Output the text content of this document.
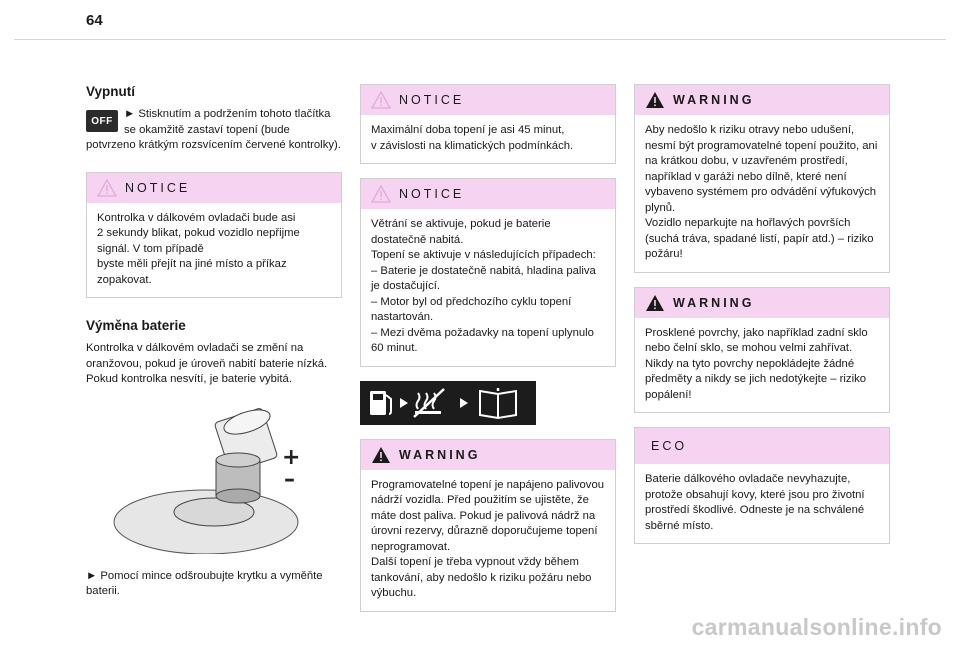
64
Vypnutí
OFF

► Stisknutím a podržením tohoto tlačítka se okamžitě zastaví topení (bude potvrzeno krátkým rozsvícením červené kontrolky).

NOTICE
Kontrolka v dálkovém ovladači bude asi
2 sekundy blikat, pokud vozidlo nepřijme
signál. V tom případě
byste měli přejít na jiné místo a příkaz
zopakovat.
Výměna baterie

Kontrolka v dálkovém ovladači se změní na oranžovou, pokud je úroveň nabití baterie nízká. Pokud kontrolka nesvítí, je baterie vybitá.

+
–

► Pomocí mince odšroubujte krytku a vyměňte baterii.

NOTICE
Maximální doba topení je asi 45 minut,
v závislosti na klimatických podmínkách.
NOTICE
Větrání se aktivuje, pokud je baterie
dostatečně nabitá.
Topení se aktivuje v následujících případech:
– Baterie je dostatečně nabitá, hladina paliva je dostačující.
– Motor byl od předchozího cyklu topení nastartován.
– Mezi dvěma požadavky na topení uplynulo 60 minut.
WARNING
Programovatelné topení je napájeno palivovou nádrží vozidla. Před použitím se ujistěte, že máte dost paliva. Pokud je palivová nádrž na úrovni rezervy, důrazně doporučujeme topení neprogramovat.
Další topení je třeba vypnout vždy během tankování, aby nedošlo k riziku požáru nebo výbuchu.
WARNING
Aby nedošlo k riziku otravy nebo udušení, nesmí být programovatelné topení použito, ani na krátkou dobu, v uzavřeném prostředí, například v garáži nebo dílně, které není vybaveno systémem pro odvádění výfukových plynů.
Vozidlo neparkujte na hořlavých površích (suchá tráva, spadané listí, papír atd.) – riziko požáru!
WARNING
Prosklené povrchy, jako například zadní sklo nebo čelní sklo, se mohou velmi zahřívat. Nikdy na tyto povrchy nepokládejte žádné předměty a nikdy se jich nedotýkejte – riziko popálení!
ECO
Baterie dálkového ovladače nevyhazujte, protože obsahují kovy, které jsou pro životní prostředí škodlivé. Odneste je na schválené sběrné místo.
carmanualsonline.info
